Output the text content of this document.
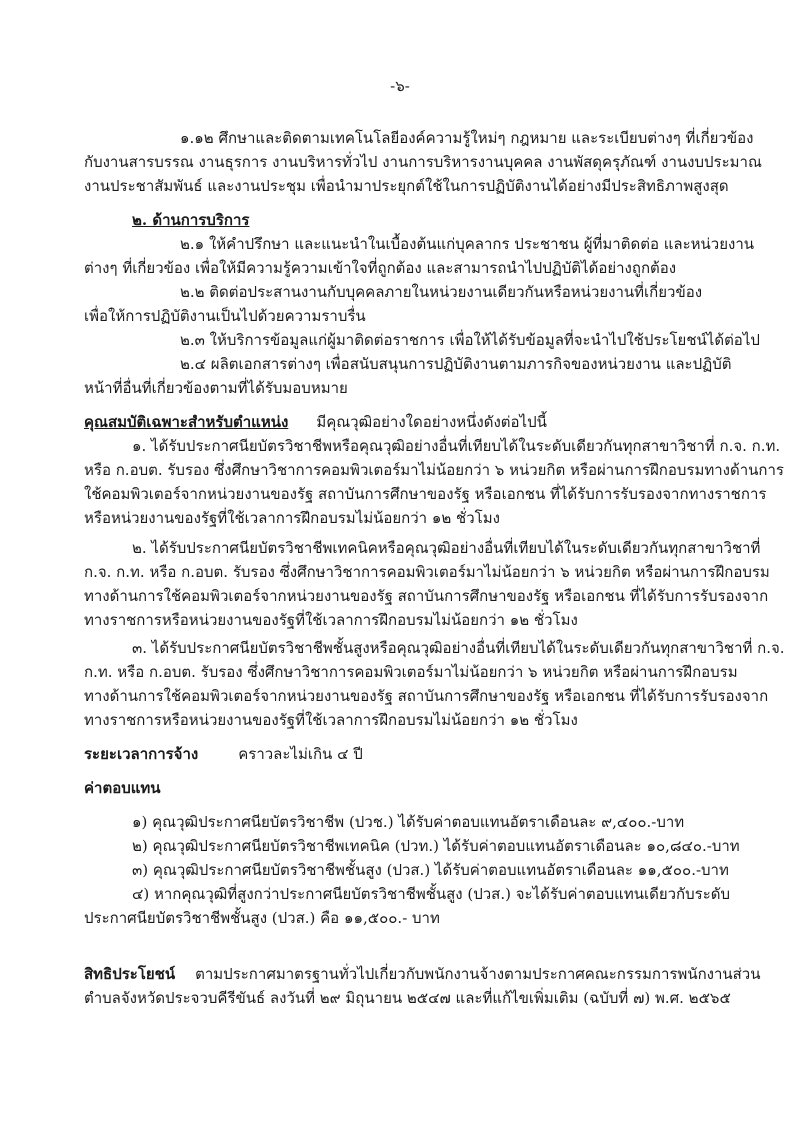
-๖-
๑.๑๒ ศึกษาและติดตามเทคโนโลยีองค์ความรู้ใหม่ๆ กฎหมาย และระเบียบต่างๆ ที่เกี่ยวข้อง
กับงานสารบรรณ งานธุรการ งานบริหารทั่วไป งานการบริหารงานบุคคล งานพัสดุครุภัณฑ์ งานงบประมาณ
งานประชาสัมพันธ์ และงานประชุม เพื่อนำมาประยุกต์ใช้ในการปฏิบัติงานได้อย่างมีประสิทธิภาพสูงสุด
๒. ด้านการบริการ
๒.๑ ให้คำปรึกษา และแนะนำในเบื้องต้นแก่บุคลากร ประชาชน ผู้ที่มาติดต่อ และหน่วยงาน
ต่างๆ ที่เกี่ยวข้อง เพื่อให้มีความรู้ความเข้าใจที่ถูกต้อง และสามารถนำไปปฏิบัติได้อย่างถูกต้อง
๒.๒ ติดต่อประสานงานกับบุคคลภายในหน่วยงานเดียวกันหรือหน่วยงานที่เกี่ยวข้อง
เพื่อให้การปฏิบัติงานเป็นไปด้วยความราบรื่น
๒.๓ ให้บริการข้อมูลแก่ผู้มาติดต่อราชการ เพื่อให้ได้รับข้อมูลที่จะนำไปใช้ประโยชน์ได้ต่อไป
๒.๔ ผลิตเอกสารต่างๆ เพื่อสนับสนุนการปฏิบัติงานตามภารกิจของหน่วยงาน และปฏิบัติ
หน้าที่อื่นที่เกี่ยวข้องตามที่ได้รับมอบหมาย
คุณสมบัติเฉพาะสำหรับตำแหน่ง มีคุณวุฒิอย่างใดอย่างหนึ่งดังต่อไปนี้
๑. ได้รับประกาศนียบัตรวิชาชีพหรือคุณวุฒิอย่างอื่นที่เทียบได้ในระดับเดียวกันทุกสาขาวิชาที่ ก.จ. ก.ท.
หรือ ก.อบต. รับรอง ซึ่งศึกษาวิชาการคอมพิวเตอร์มาไม่น้อยกว่า ๖ หน่วยกิต หรือผ่านการฝึกอบรมทางด้านการ
ใช้คอมพิวเตอร์จากหน่วยงานของรัฐ สถาบันการศึกษาของรัฐ หรือเอกชน ที่ได้รับการรับรองจากทางราชการ
หรือหน่วยงานของรัฐที่ใช้เวลาการฝึกอบรมไม่น้อยกว่า ๑๒ ชั่วโมง
๒. ได้รับประกาศนียบัตรวิชาชีพเทคนิคหรือคุณวุฒิอย่างอื่นที่เทียบได้ในระดับเดียวกันทุกสาขาวิชาที่
ก.จ. ก.ท. หรือ ก.อบต. รับรอง ซึ่งศึกษาวิชาการคอมพิวเตอร์มาไม่น้อยกว่า ๖ หน่วยกิต หรือผ่านการฝึกอบรม
ทางด้านการใช้คอมพิวเตอร์จากหน่วยงานของรัฐ สถาบันการศึกษาของรัฐ หรือเอกชน ที่ได้รับการรับรองจาก
ทางราชการหรือหน่วยงานของรัฐที่ใช้เวลาการฝึกอบรมไม่น้อยกว่า ๑๒ ชั่วโมง
๓. ได้รับประกาศนียบัตรวิชาชีพชั้นสูงหรือคุณวุฒิอย่างอื่นที่เทียบได้ในระดับเดียวกันทุกสาขาวิชาที่ ก.จ.
ก.ท. หรือ ก.อบต. รับรอง ซึ่งศึกษาวิชาการคอมพิวเตอร์มาไม่น้อยกว่า ๖ หน่วยกิต หรือผ่านการฝึกอบรม
ทางด้านการใช้คอมพิวเตอร์จากหน่วยงานของรัฐ สถาบันการศึกษาของรัฐ หรือเอกชน ที่ได้รับการรับรองจาก
ทางราชการหรือหน่วยงานของรัฐที่ใช้เวลาการฝึกอบรมไม่น้อยกว่า ๑๒ ชั่วโมง
ระยะเวลาการจ้าง	คราวละไม่เกิน ๔ ปี
ค่าตอบแทน
๑) คุณวุฒิประกาศนียบัตรวิชาชีพ (ปวช.) ได้รับค่าตอบแทนอัตราเดือนละ ๙,๔๐๐.-บาท
๒) คุณวุฒิประกาศนียบัตรวิชาชีพเทคนิค (ปวท.) ได้รับค่าตอบแทนอัตราเดือนละ ๑๐,๘๔๐.-บาท
๓) คุณวุฒิประกาศนียบัตรวิชาชีพชั้นสูง (ปวส.) ได้รับค่าตอบแทนอัตราเดือนละ ๑๑,๕๐๐.-บาท
๔) หากคุณวุฒิที่สูงกว่าประกาศนียบัตรวิชาชีพชั้นสูง (ปวส.) จะได้รับค่าตอบแทนเดียวกับระดับ
ประกาศนียบัตรวิชาชีพชั้นสูง (ปวส.) คือ ๑๑,๕๐๐.- บาท
สิทธิประโยชน์ ตามประกาศมาตรฐานทั่วไปเกี่ยวกับพนักงานจ้างตามประกาศคณะกรรมการพนักงานส่วน
ตำบลจังหวัดประจวบคีรีขันธ์ ลงวันที่ ๒๙ มิถุนายน ๒๕๔๗ และที่แก้ไขเพิ่มเติม (ฉบับที่ ๗) พ.ศ. ๒๕๖๕
